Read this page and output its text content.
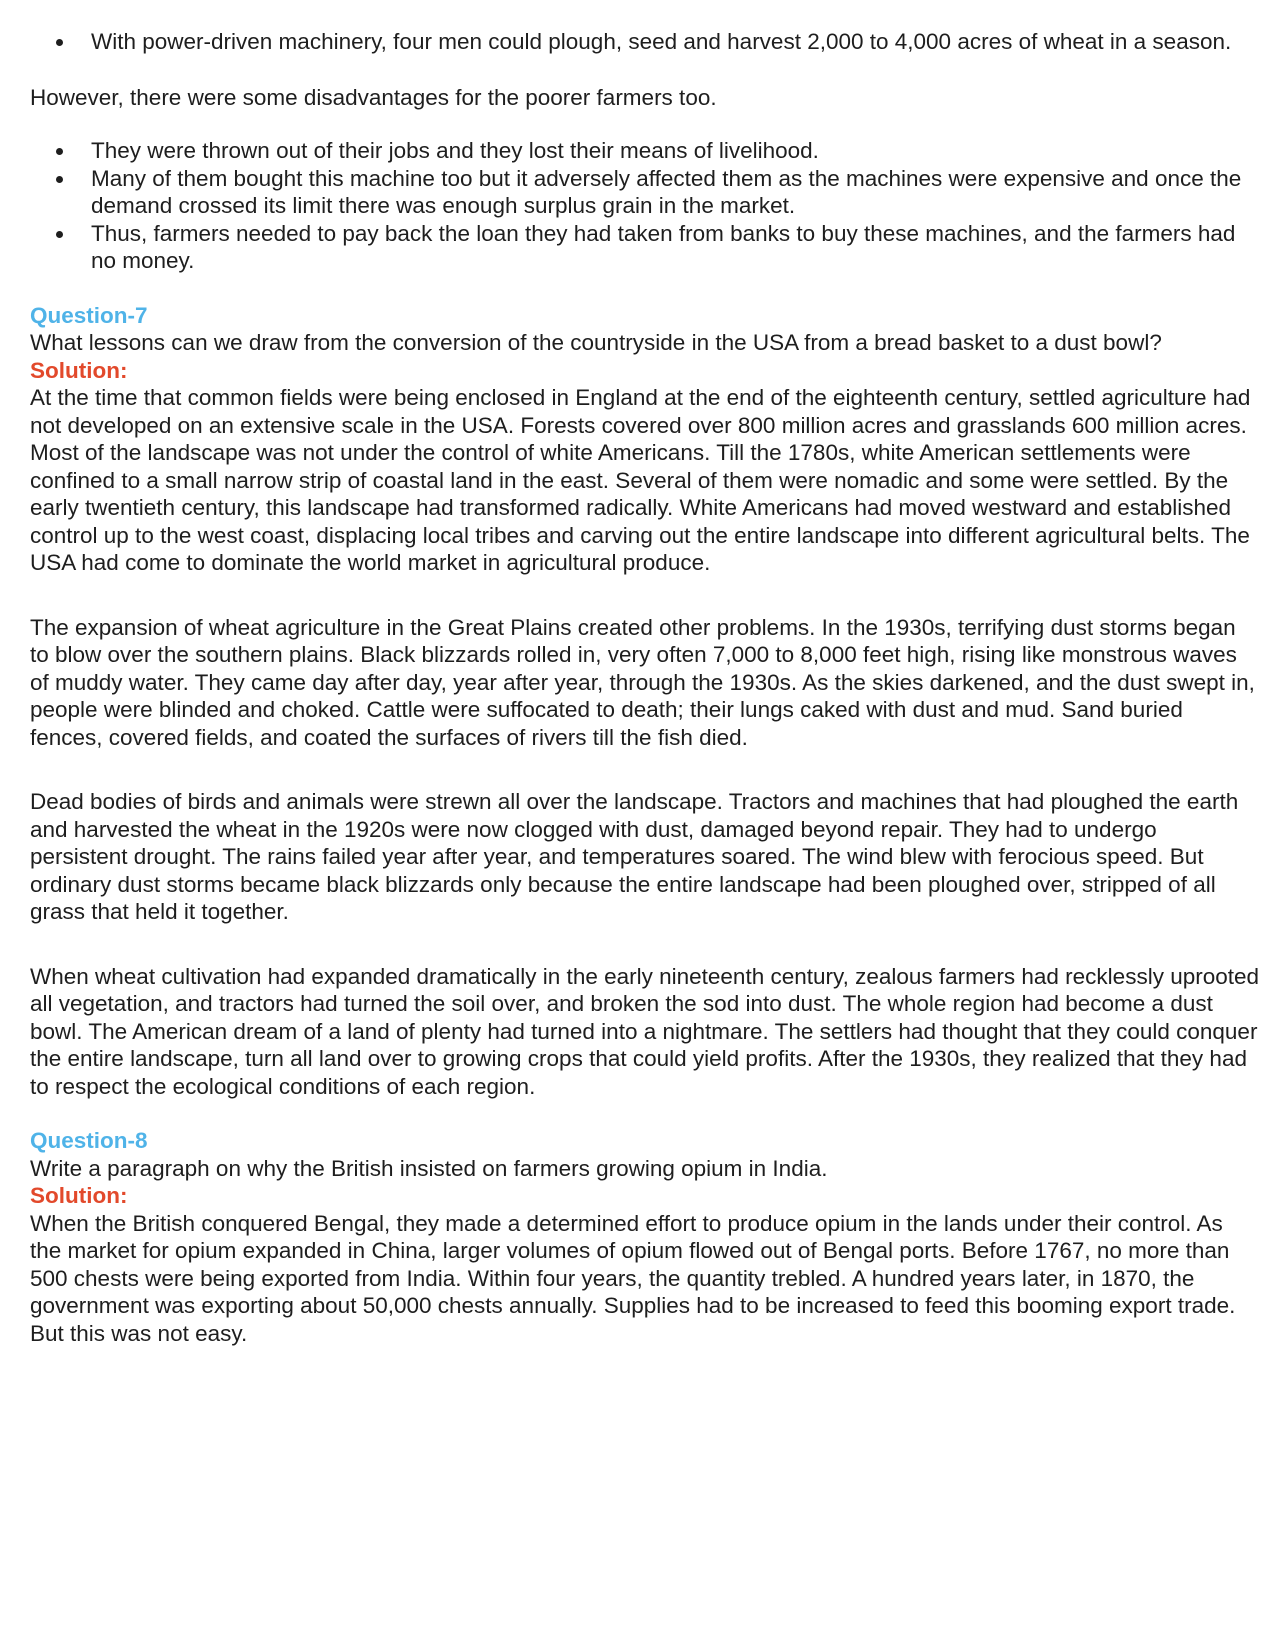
With power-driven machinery, four men could plough, seed and harvest 2,000 to 4,000 acres of wheat in a season.

However, there were some disadvantages for the poorer farmers too.

They were thrown out of their jobs and they lost their means of livelihood.
Many of them bought this machine too but it adversely affected them as the machines were expensive and once the demand crossed its limit there was enough surplus grain in the market.
Thus, farmers needed to pay back the loan they had taken from banks to buy these machines, and the farmers had no money.

Question-7

What lessons can we draw from the conversion of the countryside in the USA from a bread basket to a dust bowl?

Solution:

At the time that common fields were being enclosed in England at the end of the eighteenth century, settled agriculture had not developed on an extensive scale in the USA. Forests covered over 800 million acres and grasslands 600 million acres. Most of the landscape was not under the control of white Americans. Till the 1780s, white American settlements were confined to a small narrow strip of coastal land in the east. Several of them were nomadic and some were settled. By the early twentieth century, this landscape had transformed radically. White Americans had moved westward and established control up to the west coast, displacing local tribes and carving out the entire landscape into different agricultural belts. The USA had come to dominate the world market in agricultural produce.

The expansion of wheat agriculture in the Great Plains created other problems. In the 1930s, terrifying dust storms began to blow over the southern plains. Black blizzards rolled in, very often 7,000 to 8,000 feet high, rising like monstrous waves of muddy water. They came day after day, year after year, through the 1930s. As the skies darkened, and the dust swept in, people were blinded and choked. Cattle were suffocated to death; their lungs caked with dust and mud. Sand buried fences, covered fields, and coated the surfaces of rivers till the fish died.

Dead bodies of birds and animals were strewn all over the landscape. Tractors and machines that had ploughed the earth and harvested the wheat in the 1920s were now clogged with dust, damaged beyond repair. They had to undergo persistent drought. The rains failed year after year, and temperatures soared. The wind blew with ferocious speed. But ordinary dust storms became black blizzards only because the entire landscape had been ploughed over, stripped of all grass that held it together.

When wheat cultivation had expanded dramatically in the early nineteenth century, zealous farmers had recklessly uprooted all vegetation, and tractors had turned the soil over, and broken the sod into dust. The whole region had become a dust bowl. The American dream of a land of plenty had turned into a nightmare. The settlers had thought that they could conquer the entire landscape, turn all land over to growing crops that could yield profits. After the 1930s, they realized that they had to respect the ecological conditions of each region.

Question-8

Write a paragraph on why the British insisted on farmers growing opium in India.

Solution:

When the British conquered Bengal, they made a determined effort to produce opium in the lands under their control. As the market for opium expanded in China, larger volumes of opium flowed out of Bengal ports. Before 1767, no more than 500 chests were being exported from India. Within four years, the quantity trebled. A hundred years later, in 1870, the government was exporting about 50,000 chests annually. Supplies had to be increased to feed this booming export trade. But this was not easy.
